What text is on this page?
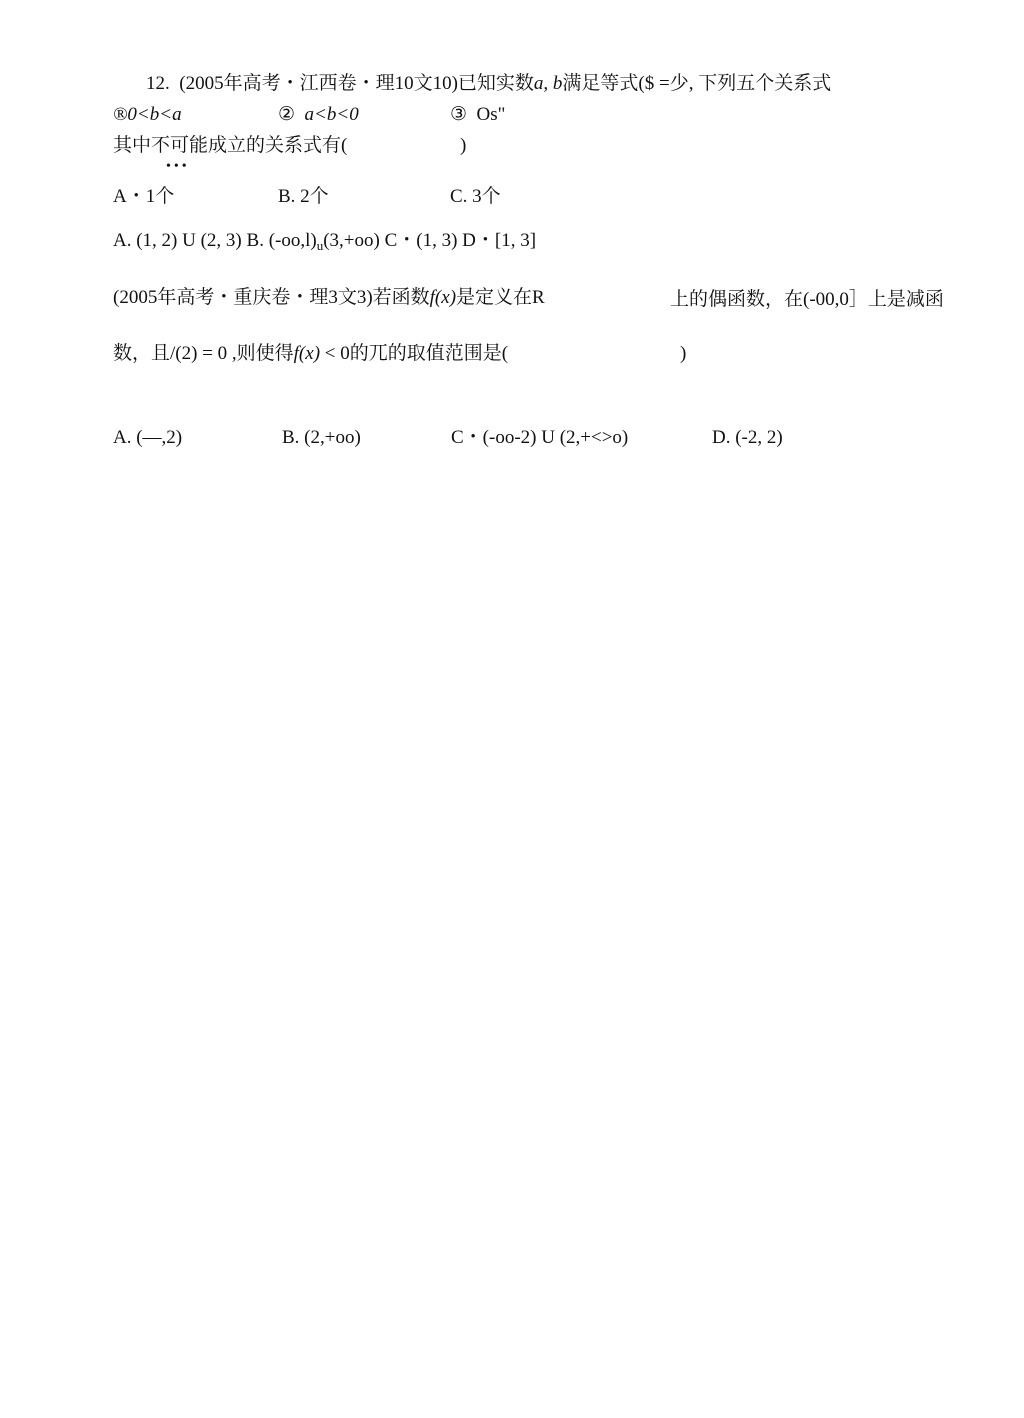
12. (2005年高考・江西卷・理10文10)已知实数a, b满足等式($ =少, 下列五个关系式
®0<b<a	② a<b<0	③ Os"
其中不可能成立的关系式有(	)
•••
A・1个	B. 2个	C. 3个
A. (1, 2) U (2, 3) B. $(-oo,l)_u(3,+oo)$ C・(1, 3) D・[1, 3]
(2005年高考・重庆卷・理3文3)若函数f(x)是定义在R	上的偶函数，在(-00,0］上是减函
数，且/(2) = 0 ,则使得f(x) < 0的兀的取值范围是(	)
A. (—,2)	B. (2,+oo)	C・(-oo-2) U (2,+<>o)	D. (-2, 2)
